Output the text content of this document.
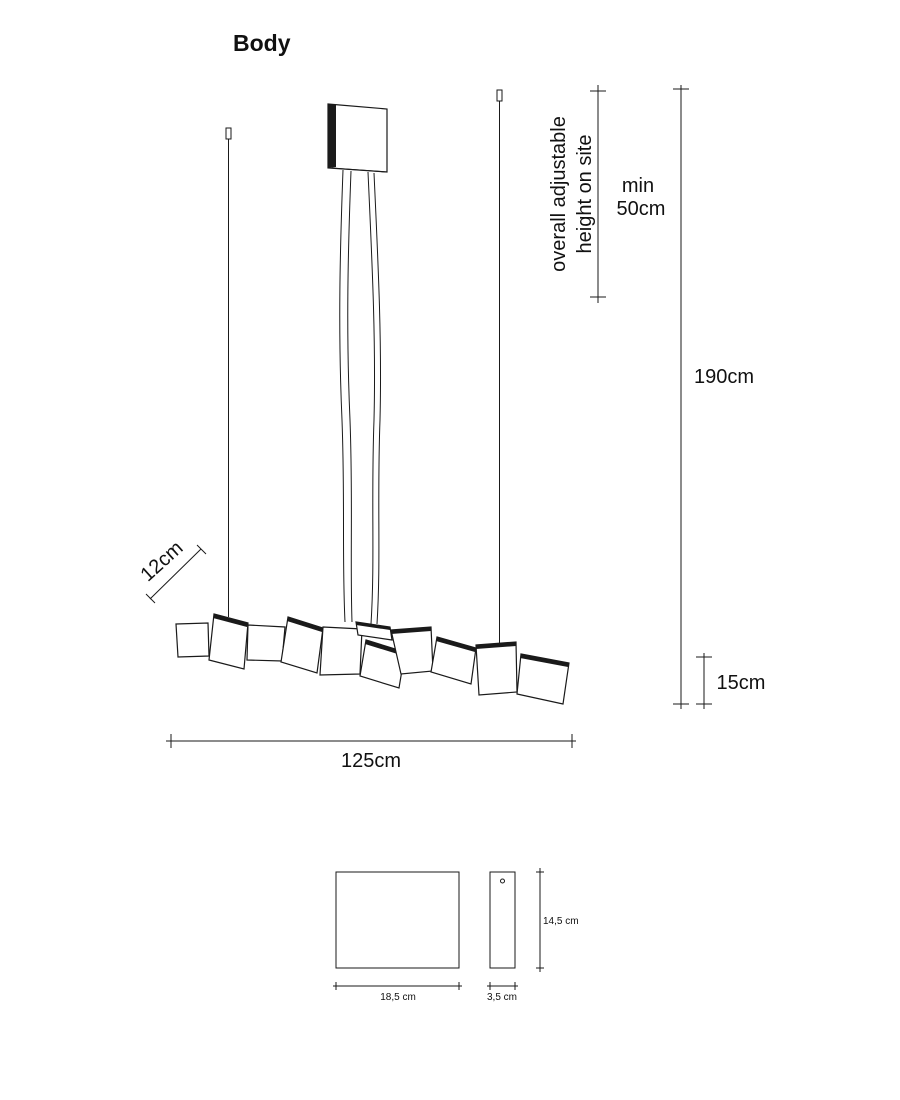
Body
overall adjustable height on site min
50cm
190cm
15cm
12cm
125cm
14,5 cm
18,5 cm	3,5 cm
